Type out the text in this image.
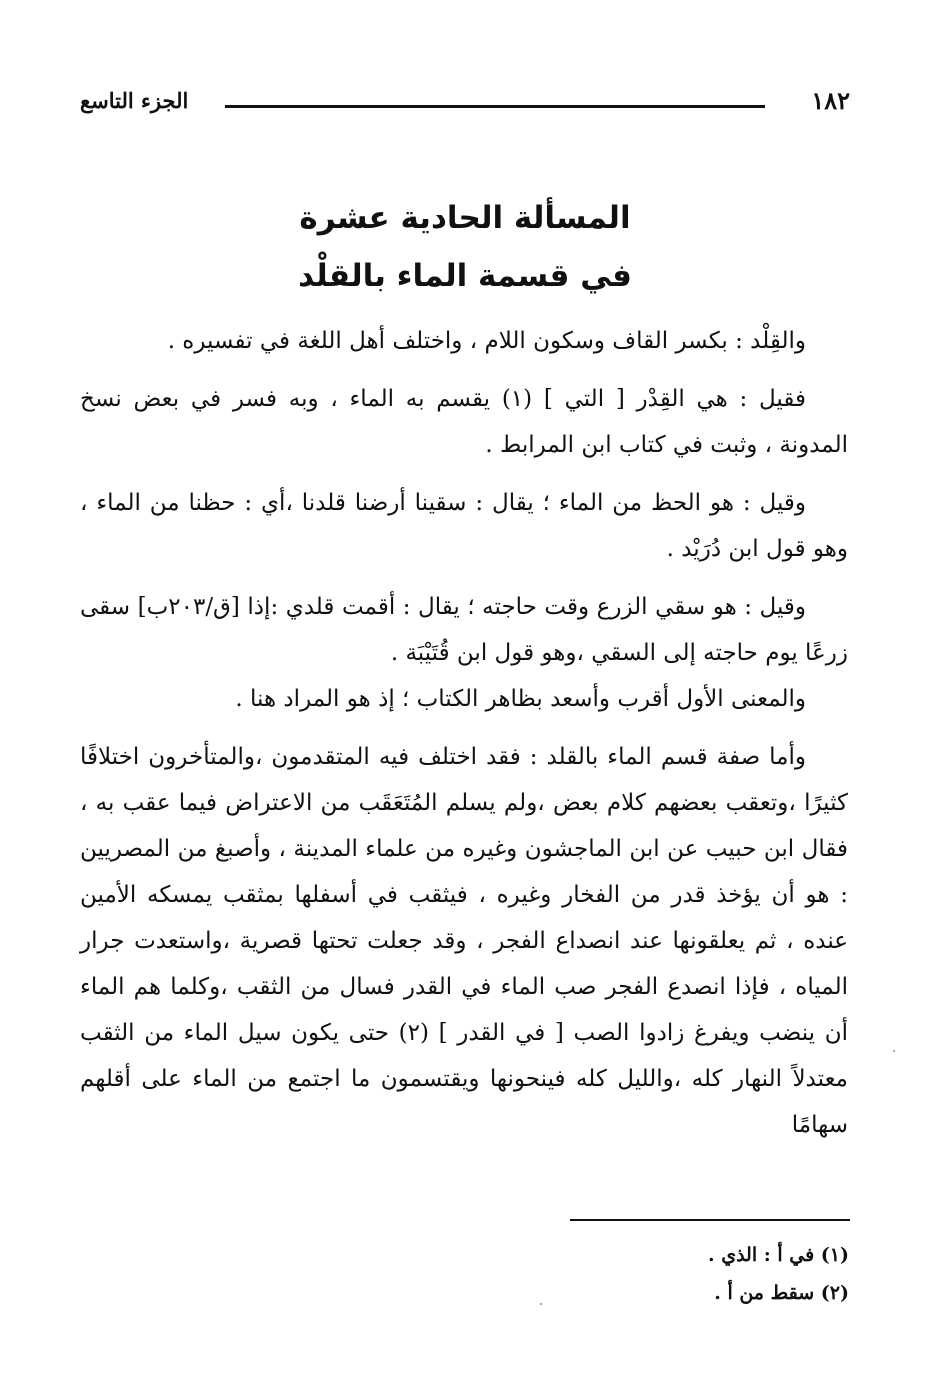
الجزء التاسع	١٨٢
المسألة الحادية عشرة
في قسمة الماء بالقلْد

والقِلْد : بكسر القاف وسكون اللام ، واختلف أهل اللغة في تفسيره .

فقيل : هي القِدْر [ التي ] (١) يقسم به الماء ، وبه فسر في بعض نسخ المدونة ، وثبت في كتاب ابن المرابط .

وقيل : هو الحظ من الماء ؛ يقال : سقينا أرضنا قلدنا ،أي : حظنا من الماء ، وهو قول ابن دُرَيْد .

وقيل : هو سقي الزرع وقت حاجته ؛ يقال : أقمت قلدي :إذا [ق/٢٠٣ب] سقى زرعًا يوم حاجته إلى السقي ،وهو قول ابن قُتَيْبَة .

والمعنى الأول أقرب وأسعد بظاهر الكتاب ؛ إذ هو المراد هنا .

وأما صفة قسم الماء بالقلد : فقد اختلف فيه المتقدمون ،والمتأخرون اختلافًا كثيرًا ،وتعقب بعضهم كلام بعض ،ولم يسلم المُتَعَقَب من الاعتراض فيما عقب به ، فقال ابن حبيب عن ابن الماجشون وغيره من علماء المدينة ، وأصبغ من المصريين : هو أن يؤخذ قدر من الفخار وغيره ، فيثقب في أسفلها بمثقب يمسكه الأمين عنده ، ثم يعلقونها عند انصداع الفجر ، وقد جعلت تحتها قصرية ،واستعدت جرار المياه ، فإذا انصدع الفجر صب الماء في القدر فسال من الثقب ،وكلما هم الماء أن ينضب ويفرغ زادوا الصب [ في القدر ] (٢) حتى يكون سيل الماء من الثقب معتدلاً النهار كله ،والليل كله فينحونها ويقتسمون ما اجتمع من الماء على أقلهم سهامًا

(١) في أ : الذي .

(٢) سقط من أ .
